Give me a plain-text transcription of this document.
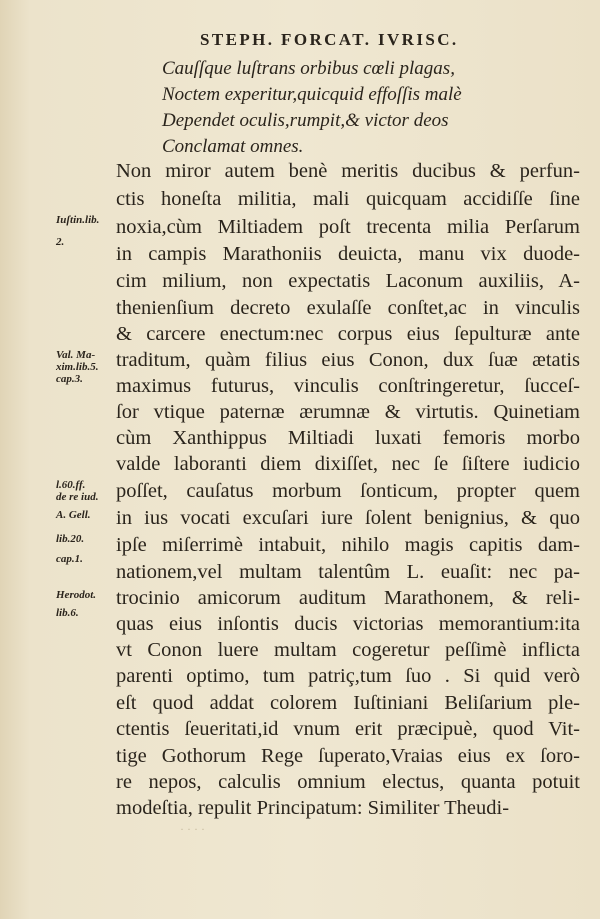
STEPH. FORCAT. IVRISC.
Cauſſque luſtrans orbibus cœli plagas,
Noctem experitur,quicquid effoſſis malè
Dependet oculis,rumpit,& victor deos
Conclamat omnes.
Non miror autem benè meritis ducibus & perfun-
ctis honeſta militia, mali quicquam accidiſſe ſine
noxia,cùm Miltiadem poſt trecenta milia Perſarum
in campis Marathoniis deuicta, manu vix duode-
cim milium, non expectatis Laconum auxiliis, A-
thenienſium decreto exulaſſe conſtet,ac in vinculis
& carcere enectum:nec corpus eius ſepulturæ ante
traditum, quàm filius eius Conon, dux ſuæ ætatis
maximus futurus, vinculis conſtringeretur, ſucceſ-
ſor vtique paternæ ærumnæ & virtutis. Quinetiam
cùm Xanthippus Miltiadi luxati femoris morbo
valde laboranti diem dixiſſet, nec ſe ſiſtere iudicio
poſſet, cauſatus morbum ſonticum, propter quem
in ius vocati excuſari iure ſolent benignius, & quo
ipſe miſerrimè intabuit, nihilo magis capitis dam-
nationem,vel multam talentûm L. euaſit: nec pa-
trocinio amicorum auditum Marathonem, & reli-
quas eius inſontis ducis victorias memorantium:ita
vt Conon luere multam cogeretur peſſimè inflicta
parenti optimo, tum patriç,tum ſuo . Si quid verò
eſt quod addat colorem Iuſtiniani Beliſarium ple-
ctentis ſeueritati,id vnum erit præcipuè, quod Vit-
tige Gothorum Rege ſuperato,Vraias eius ex ſoro-
re nepos, calculis omnium electus, quanta potuit
modeſtia, repulit Principatum: Similiter Theudi-
Iuſtin.lib.
2.
Val. Ma-
xim.lib.5.
cap.3.
l.60.ff.
de re iud.
A. Gell.
lib.20.
cap.1.
Herodot.
lib.6.
· · · ·
